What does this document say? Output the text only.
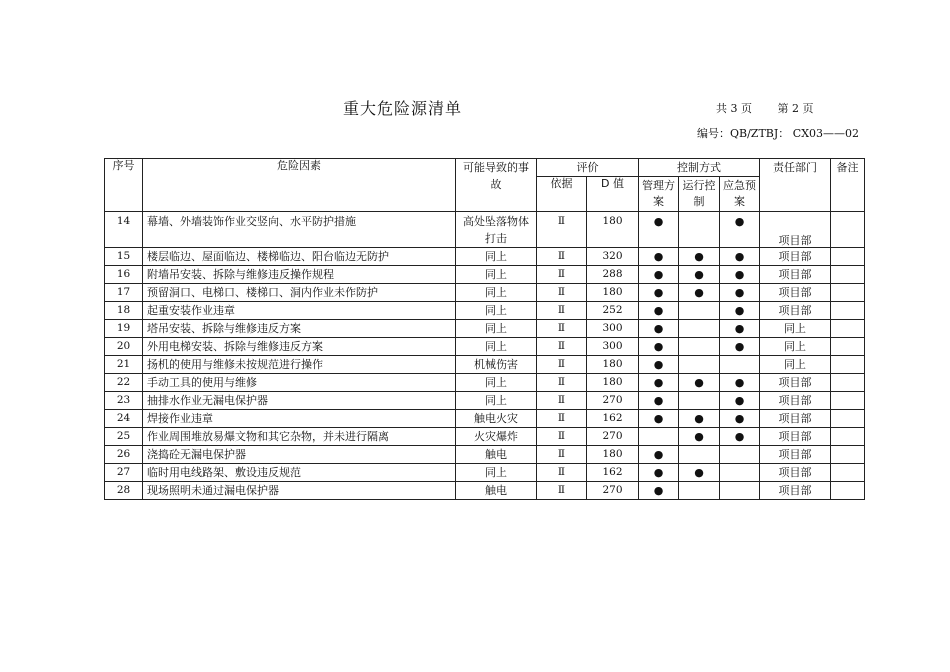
重大危险源清单	共 3 页 第 2 页
编号：QB/ZTBJ： CX03——02
序号	危险因素	可能导致的事故	评价		控制方式			责任部门	备注
			依据	D 值	管理方案	运行控制	应急预案		

14	幕墙、外墙装饰作业交竖向、水平防护措施	高处坠落物体打击	Ⅱ	180	●		●	项目部	
15	楼层临边、屋面临边、楼梯临边、阳台临边无防护	同上	Ⅱ	320	●	●	●	项目部	
16	附墙吊安装、拆除与维修违反操作规程	同上	Ⅱ	288	●	●	●	项目部	
17	预留洞口、电梯口、楼梯口、洞内作业未作防护	同上	Ⅱ	180	●	●	●	项目部	
18	起重安装作业违章	同上	Ⅱ	252	●		●	项目部	
19	塔吊安装、拆除与维修违反方案	同上	Ⅱ	300	●		●	同上	
20	外用电梯安装、拆除与维修违反方案	同上	Ⅱ	300	●		●	同上	
21	扬机的使用与维修未按规范进行操作	机械伤害	Ⅱ	180	●			同上	
22	手动工具的使用与维修	同上	Ⅱ	180	●	●	●	项目部	
23	抽排水作业无漏电保护器	同上	Ⅱ	270	●		●	项目部	
24	焊接作业违章	触电火灾	Ⅱ	162	●	●	●	项目部	
25	作业周围堆放易爆文物和其它杂物，并未进行隔离	火灾爆炸	Ⅱ	270		●	●	项目部	
26	浇捣砼无漏电保护器	触电	Ⅱ	180	●			项目部	
27	临时用电线路架、敷设违反规范	同上	Ⅱ	162	●	●		项目部	
28	现场照明未通过漏电保护器	触电	Ⅱ	270	●			项目部	
